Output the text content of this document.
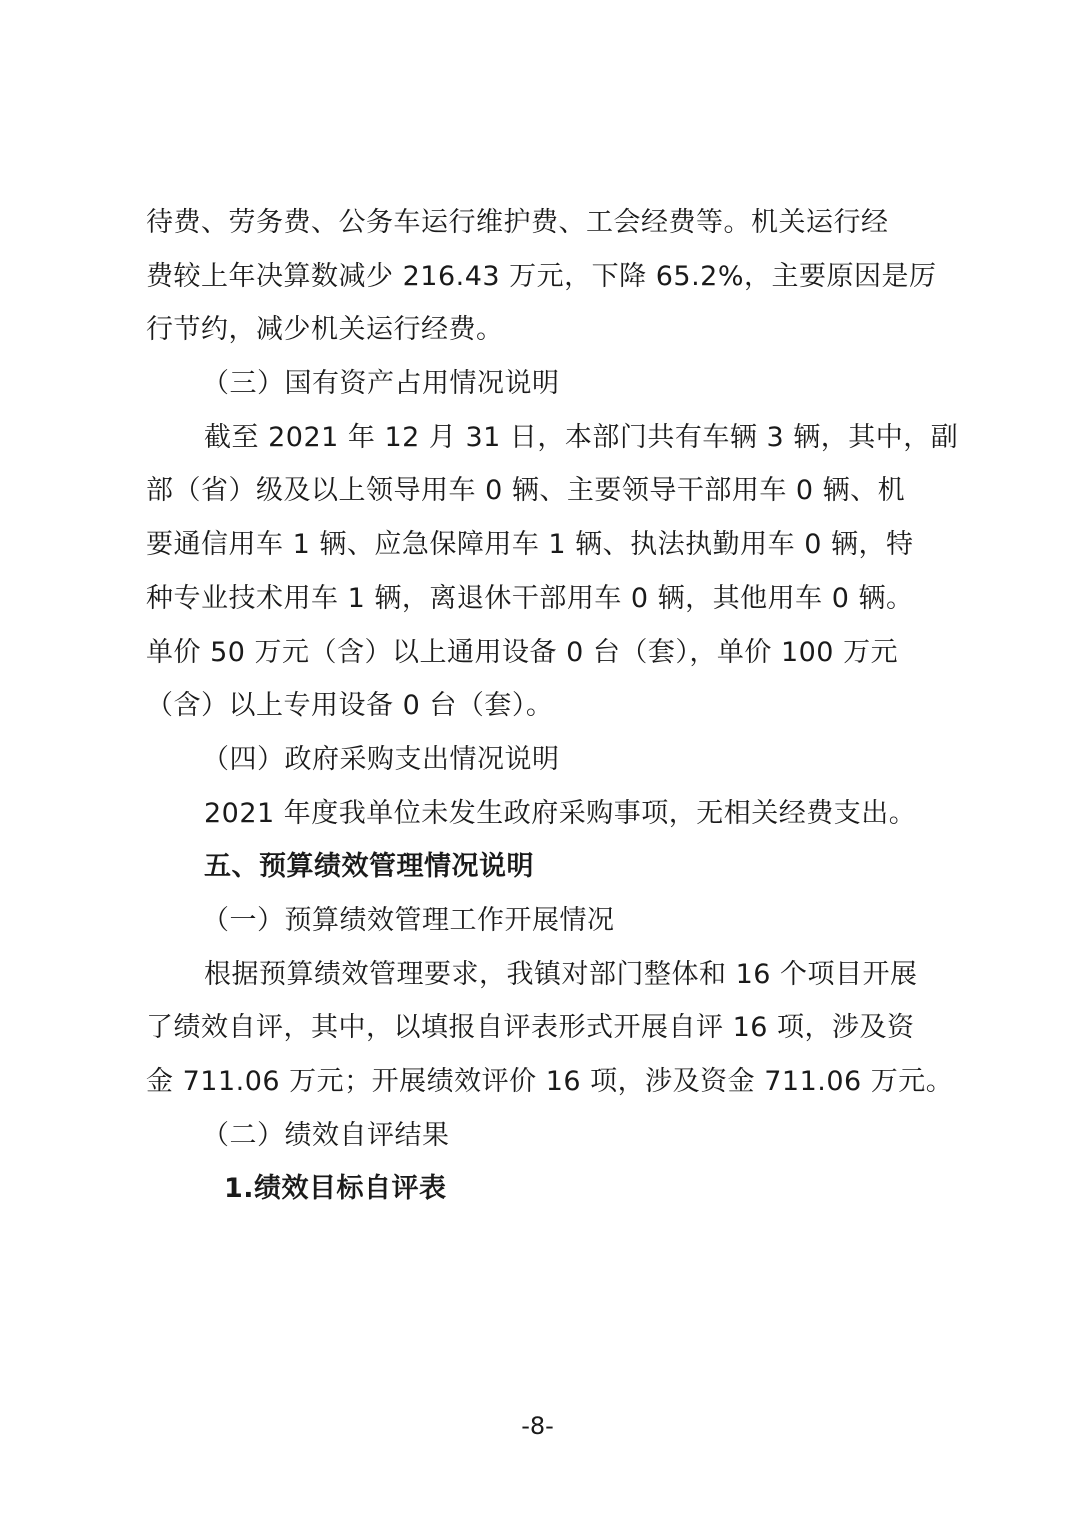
待费、劳务费、公务车运行维护费、工会经费等。机关运行经
费较上年决算数减少 216.43 万元，下降 65.2%，主要原因是厉
行节约，减少机关运行经费。
（三）国有资产占用情况说明
截至 2021 年 12 月 31 日，本部门共有车辆 3 辆，其中，副
部（省）级及以上领导用车 0 辆、主要领导干部用车 0 辆、机
要通信用车 1 辆、应急保障用车 1 辆、执法执勤用车 0 辆，特
种专业技术用车 1 辆，离退休干部用车 0 辆，其他用车 0 辆。
单价 50 万元（含）以上通用设备 0 台（套），单价 100 万元
（含）以上专用设备 0 台（套）。
（四）政府采购支出情况说明
2021 年度我单位未发生政府采购事项，无相关经费支出。
五、预算绩效管理情况说明
（一）预算绩效管理工作开展情况
根据预算绩效管理要求，我镇对部门整体和 16 个项目开展
了绩效自评，其中，以填报自评表形式开展自评 16 项，涉及资
金 711.06 万元；开展绩效评价 16 项，涉及资金 711.06 万元。
（二）绩效自评结果
1.绩效目标自评表
-8-
